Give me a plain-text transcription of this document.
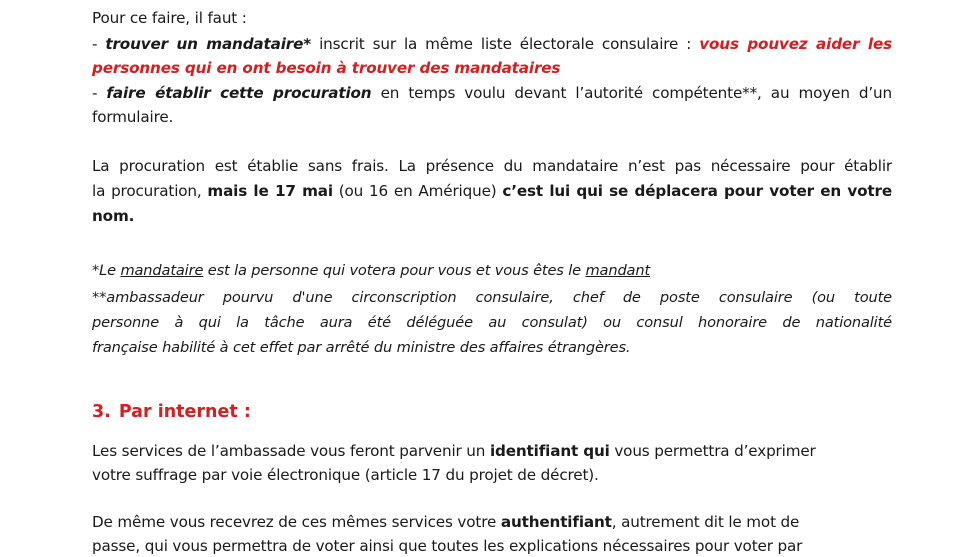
Pour ce faire, il faut :
- trouver un mandataire* inscrit sur la même liste électorale consulaire : vous pouvez aider les
personnes qui en ont besoin à trouver des mandataires
- faire établir cette procuration en temps voulu devant l’autorité compétente**, au moyen d’un
formulaire.
La procuration est établie sans frais. La présence du mandataire n’est pas nécessaire pour établir
la procuration, mais le 17 mai (ou 16 en Amérique) c’est lui qui se déplacera pour voter en votre
nom.
*Le mandataire est la personne qui votera pour vous et vous êtes le mandant
**ambassadeur pourvu d'une circonscription consulaire, chef de poste consulaire (ou toute
personne à qui la tâche aura été déléguée au consulat) ou consul honoraire de nationalité
française habilité à cet effet par arrêté du ministre des affaires étrangères.
3. Par internet :
Les services de l’ambassade vous feront parvenir un identifiant qui vous permettra d’exprimer
votre suffrage par voie électronique (article 17 du projet de décret).
De même vous recevrez de ces mêmes services votre authentifiant, autrement dit le mot de
passe, qui vous permettra de voter ainsi que toutes les explications nécessaires pour voter par
